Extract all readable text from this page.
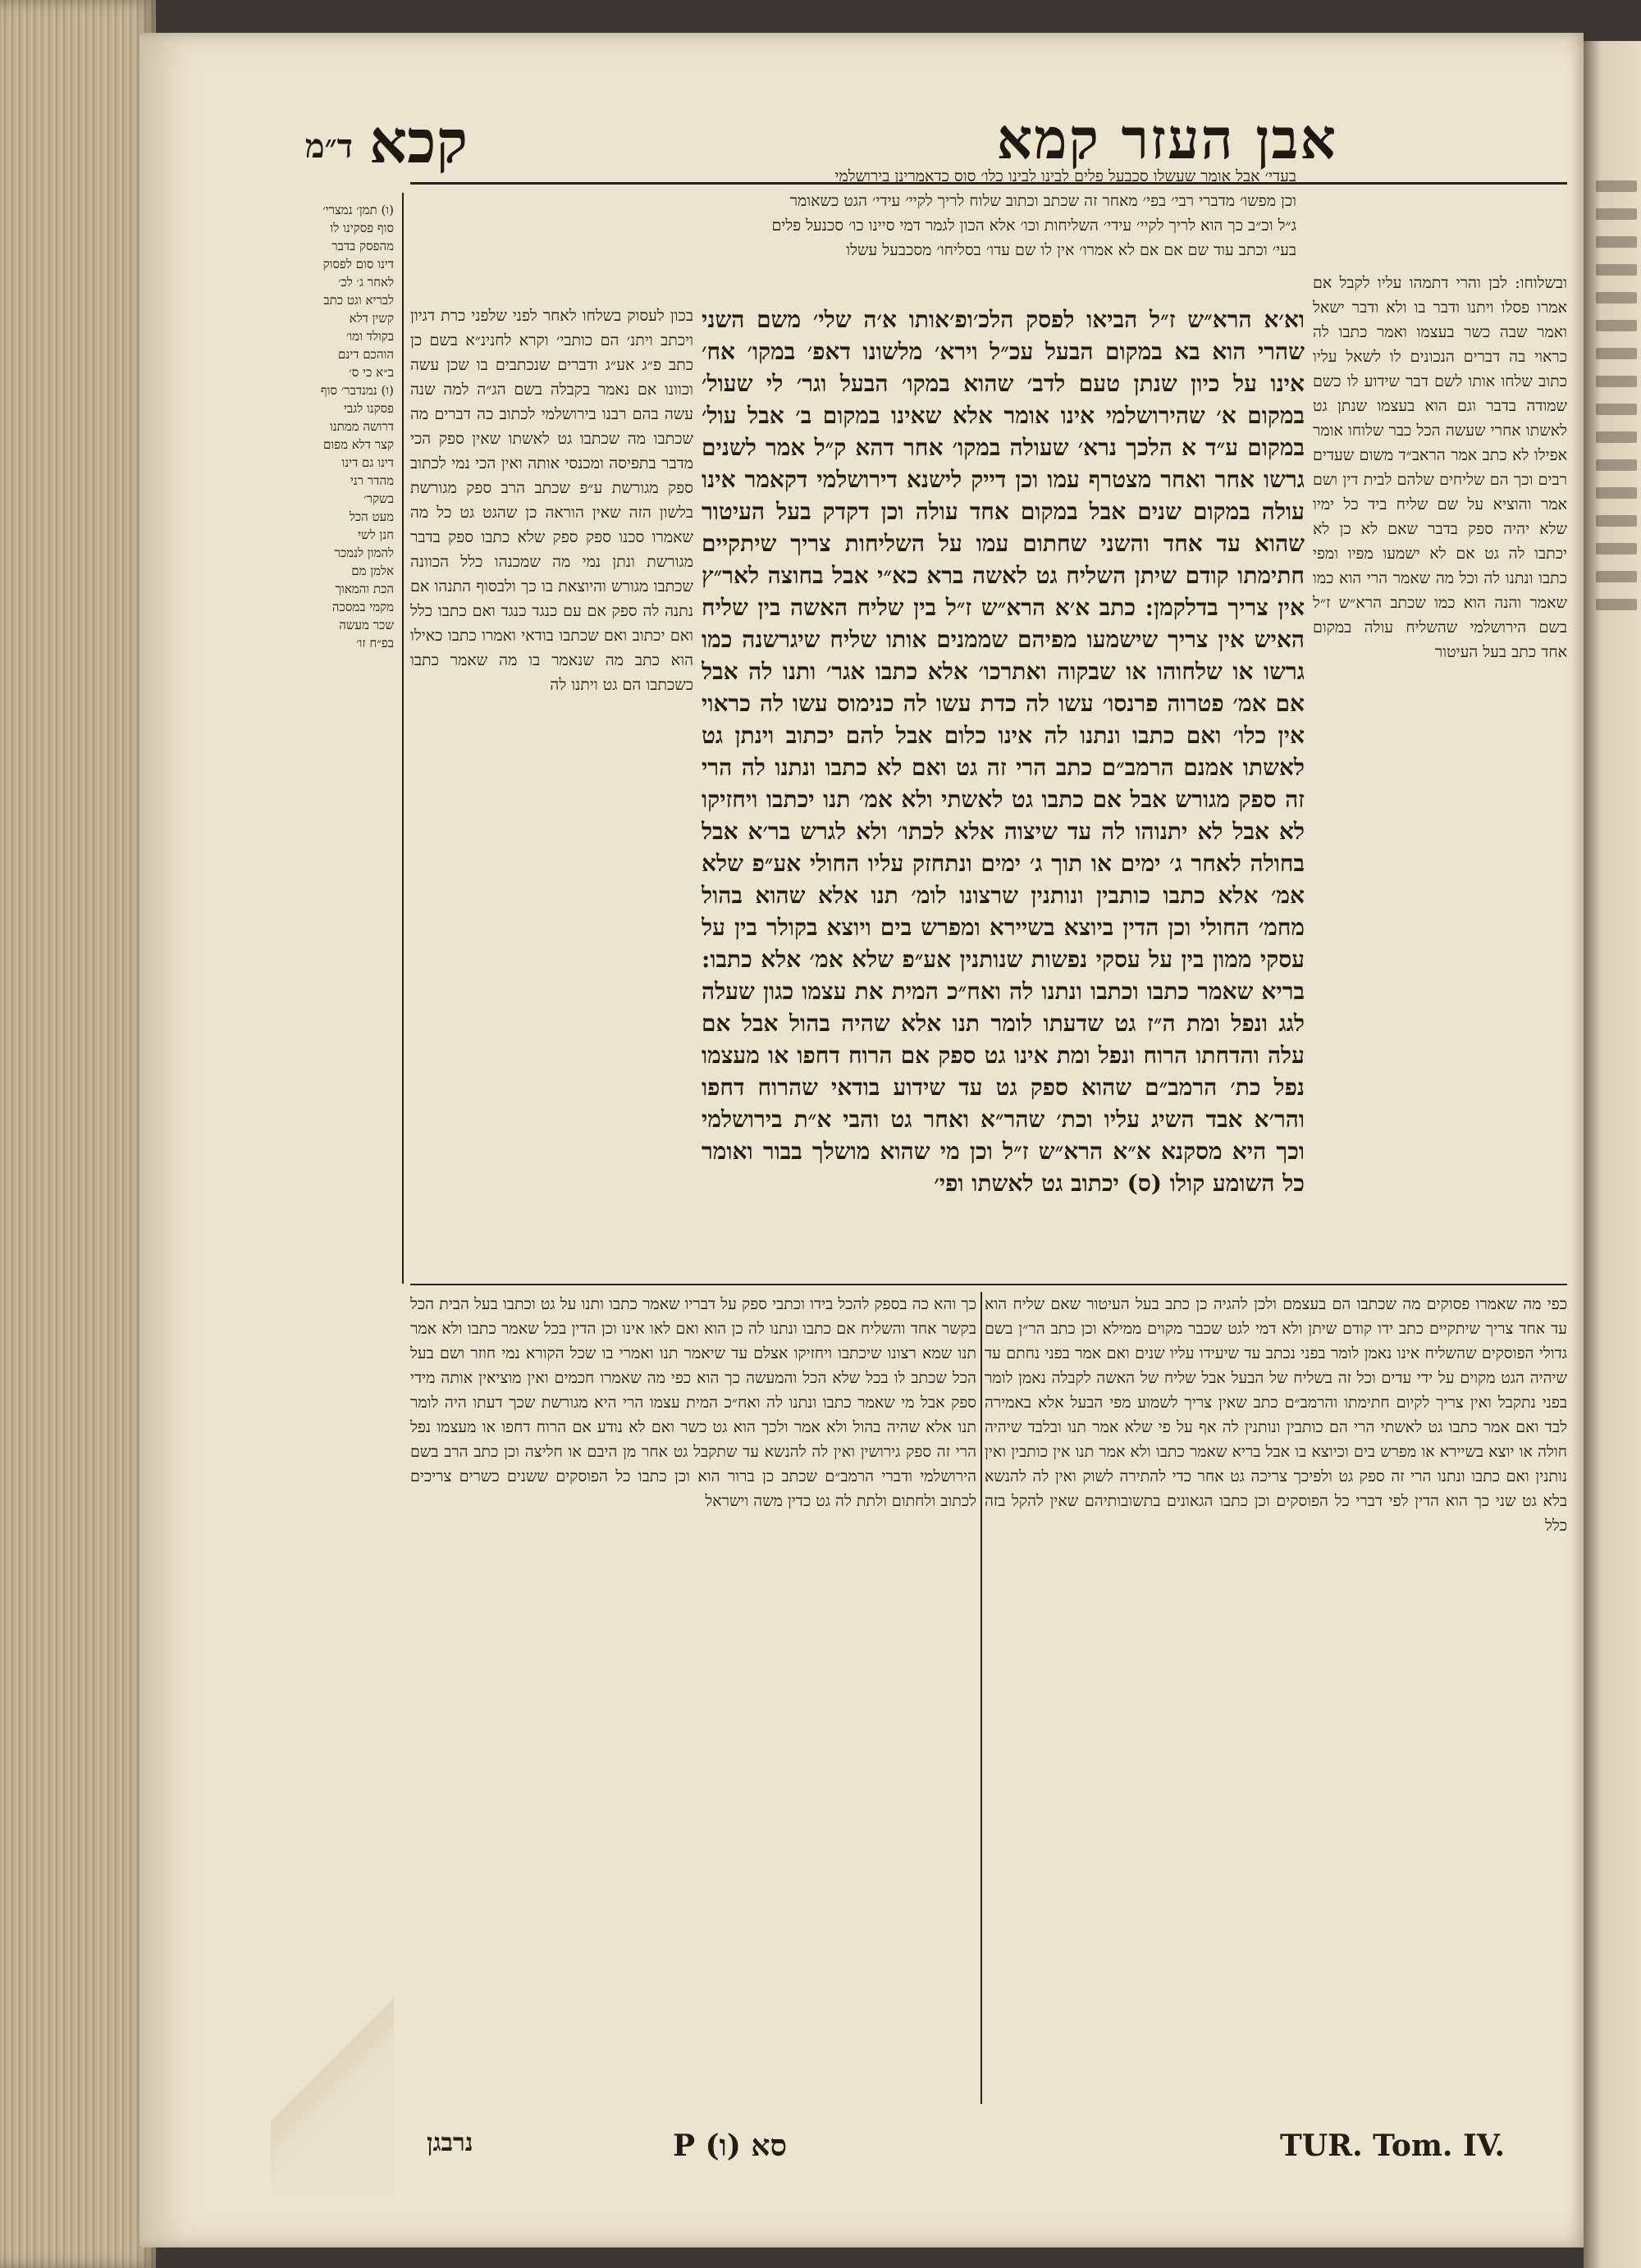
אבן העזר קמא
קכא
ד״מ

(ו) תמן׳ נמצרי׳
סוף פסקינו לו
מהפסק בדבר
דינו סום לפסוק
לאחר ג׳ לכ׳
לבריא וגט כתב
קשין דלא
בקולד ומו׳
הוהכם דינם
ב״א כי ס׳
(ו) נמנדבר׳ סוף
פסקנו לגבי
דרושה ממתנו
קצר דלא מפום
דינו גם דינו
מהדר רני
בשקר׳
מעט הכל
חנן לשי
להמון לנמכר
אלמן מם
הכת והמאוך
מקמי במסכה
שכר מעשה
בפ״ח זו׳

בעדי׳ אבל אומר שעשלו סכבעל פלים לבינו לבינו כלו׳ סוס כדאמרינן בירושלמי
וכן מפשו׳ מדברי רבי׳ בפי׳ מאחר זה שכתב וכתוב שלוח לריך לקיי׳ עידי׳ הגט כשאומר
ג״ל וכ״ב כך הוא לריך לקיי׳ עידי׳ השליחות וכו׳ אלא הכון לגמר דמי סיינו כו׳ סכנעל פלים
בעי׳ וכתב עוד שם אם אם לא אמרו׳ אין לו שם עדו׳ בסליחו׳ מסכבעל עשלו

ובשלוחו: לבן והרי דתמהו עליו לקבל אם אמרו פסלו ויתנו ודבר בו ולא ודבר ישאל ואמר שבה כשר בעצמו ואמר כתבו לה כראוי בה דברים הנכונים לו לשאל עליו כתוב שלחו אותו לשם דבר שידוע לו כשם שמודה בדבר וגם הוא בעצמו שנתן גט לאשתו אחרי שעשה הכל כבר שלוחו אומר אפילו לא כתב אמר הראב״ד משום שעדים רבים וכך הם שליחים שלהם לבית דין ושם אמר והוציא על שם שליח ביד כל ימיו שלא יהיה ספק בדבר שאם לא כן לא יכתבו לה גט אם לא ישמעו מפיו ומפי כתבו ונתנו לה וכל מה שאמר הרי הוא כמו שאמר והנה הוא כמו שכתב הרא״ש ז״ל בשם הירושלמי שהשליח עולה במקום אחד כתב בעל העיטור

וא׳א הרא״ש ז״ל הביאו לפסק הלכ׳ופ׳אותו א׳ה שלי׳ משם השני שהרי הוא בא במקום הבעל עכ״ל וירא׳ מלשונו דאפ׳ במקו׳ אח׳ אינו על כיון שנתן טעם לדב׳ שהוא במקו׳ הבעל וגר׳ לי שעול׳ במקום א׳ שהירושלמי אינו אומר אלא שאינו במקום ב׳ אבל עול׳ במקום ע״ד א הלכך נרא׳ שעולה במקו׳ אחר דהא ק״ל אמר לשנים גרשו אחר ואחר מצטרף עמו וכן דייק לישנא דירושלמי דקאמר אינו עולה במקום שנים אבל במקום אחד עולה וכן דקדק בעל העיטור שהוא עד אחד והשני שחתום עמו על השליחות צריך שיתקיים חתימתו קודם שיתן השליח גט לאשה ברא כא״י אבל בחוצה לאר״ץ אין צריך בדלקמן: כתב א׳א הרא״ש ז״ל בין שליח האשה בין שליח האיש אין צריך שישמעו מפיהם שממנים אותו שליח שיגרשנה כמו גרשו או שלחוהו או שבקוה ואתרכו׳ אלא כתבו אגר׳ ותנו לה אבל אם אמ׳ פטרוה פרנסו׳ עשו לה כדת עשו לה כנימוס עשו לה כראוי אין כלו׳ ואם כתבו ונתנו לה אינו כלום אבל להם יכתוב וינתן גט לאשתו אמנם הרמב״ם כתב הרי זה גט ואם לא כתבו ונתנו לה הרי זה ספק מגורש אבל אם כתבו גט לאשתי ולא אמ׳ תנו יכתבו ויחזיקו לא אבל לא יתנוהו לה עד שיצוה אלא לכתו׳ ולא לגרש בר׳א אבל בחולה לאחר ג׳ ימים או תוך ג׳ ימים ונתחזק עליו החולי אע״פ שלא אמ׳ אלא כתבו כותבין ונותנין שרצונו לומ׳ תנו אלא שהוא בהול מחמ׳ החולי וכן הדין ביוצא בשיירא ומפרש בים ויוצא בקולר בין על עסקי ממון בין על עסקי נפשות שנותנין אע״פ שלא אמ׳ אלא כתבו: בריא שאמר כתבו וכתבו ונתנו לה ואח״כ המית את עצמו כגון שעלה לגג ונפל ומת ה״ז גט שדעתו לומר תנו אלא שהיה בהול אבל אם עלה והדחתו הרוח ונפל ומת אינו גט ספק אם הרוח דחפו או מעצמו נפל כת׳ הרמב״ם שהוא ספק גט עד שידוע בודאי שהרוח דחפו והר׳א אבד השיג עליו וכת׳ שהר״א ואחר גט והבי א״ת בירושלמי וכך היא מסקנא א״א הרא״ש ז״ל וכן מי שהוא מושלך בבור ואומר כל השומע קולו (ס) יכתוב גט לאשתו ופי׳

בכון לעסוק בשלחו לאחר לפני שלפני כרת דגיון ויכתב ויתנ׳ הם כותבי׳ וקרא לחנינ״א בשם כן כתב פ״ג אע״ג ודברים שנכתבים בו שכן עשה וכוונו אם נאמר בקבלה בשם הג״ה למה שנה עשה בהם רבנו בירושלמי לכתוב כה דברים מה שכתבו מה שכתבו גט לאשתו שאין ספק הכי מדבר בתפיסה ומכנסי אותה ואין הכי נמי לכתוב ספק מגורשת ע״פ שכתב הרב ספק מגורשת בלשון הזה שאין הוראה כן שהגט גט כל מה שאמרו סכנו ספק ספק שלא כתבו ספק בדבר מגורשת ונתן נמי מה שמכנהו כלל הכוונה שכתבו מגורש והיוצאת בו כך ולבסוף התנהו אם נתנה לה ספק אם עם כנגד כנגד ואם כתבו כלל ואם יכתוב ואם שכתבו בודאי ואמרו כתבו כאילו הוא כתב מה שנאמר בו מה שאמר כתבו כשכתבו הם גט ויתנו לה

כך והא כה בספק להכל בידו וכתבי ספק על דבריו שאמר כתבו ותנו על גט וכתבו בעל הבית הכל בקשר אחד והשליח אם כתבו ונתנו לה כן הוא ואם לאו אינו וכן הדין בכל שאמר כתבו ולא אמר תנו שמא רצונו שיכתבו ויחזיקו אצלם עד שיאמר תנו ואמרי בו שכל הקורא נמי חוזר ושם בעל הכל שכתב לו בכל שלא הכל והמעשה כך הוא כפי מה שאמרו חכמים ואין מוציאין אותה מידי ספק אבל מי שאמר כתבו ונתנו לה ואח״כ המית עצמו הרי היא מגורשת שכך דעתו היה לומר תנו אלא שהיה בהול ולא אמר ולכך הוא גט כשר ואם לא נודע אם הרוח דחפו או מעצמו נפל הרי זה ספק גירושין ואין לה להנשא עד שתקבל גט אחר מן היבם או חליצה וכן כתב הרב בשם הירושלמי ודברי הרמב״ם שכתב כן ברור הוא וכן כתבו כל הפוסקים ששנים כשרים צריכים לכתוב ולחתום ולתת לה גט כדין משה וישראל

כפי מה שאמרו פסוקים מה שכתבו הם בעצמם ולכן להגיה כן כתב בעל העיטור שאם שליח הוא עד אחד צריך שיתקיים כתב ידו קודם שיתן ולא דמי לגט שכבר מקוים ממילא וכן כתב הר״ן בשם גדולי הפוסקים שהשליח אינו נאמן לומר בפני נכתב עד שיעידו עליו שנים ואם אמר בפני נחתם עד שיהיה הגט מקוים על ידי עדים וכל זה בשליח של הבעל אבל שליח של האשה לקבלה נאמן לומר בפני נתקבל ואין צריך לקיום חתימתו והרמב״ם כתב שאין צריך לשמוע מפי הבעל אלא באמירה לבד ואם אמר כתבו גט לאשתי הרי הם כותבין ונותנין לה אף על פי שלא אמר תנו ובלבד שיהיה חולה או יוצא בשיירא או מפרש בים וכיוצא בו אבל בריא שאמר כתבו ולא אמר תנו אין כותבין ואין נותנין ואם כתבו ונתנו הרי זה ספק גט ולפיכך צריכה גט אחר כדי להתירה לשוק ואין לה להנשא בלא גט שני כך הוא הדין לפי דברי כל הפוסקים וכן כתבו הגאונים בתשובותיהם שאין להקל בזה כלל

TUR. Tom. IV.
סא (ו) P
נרבגן
